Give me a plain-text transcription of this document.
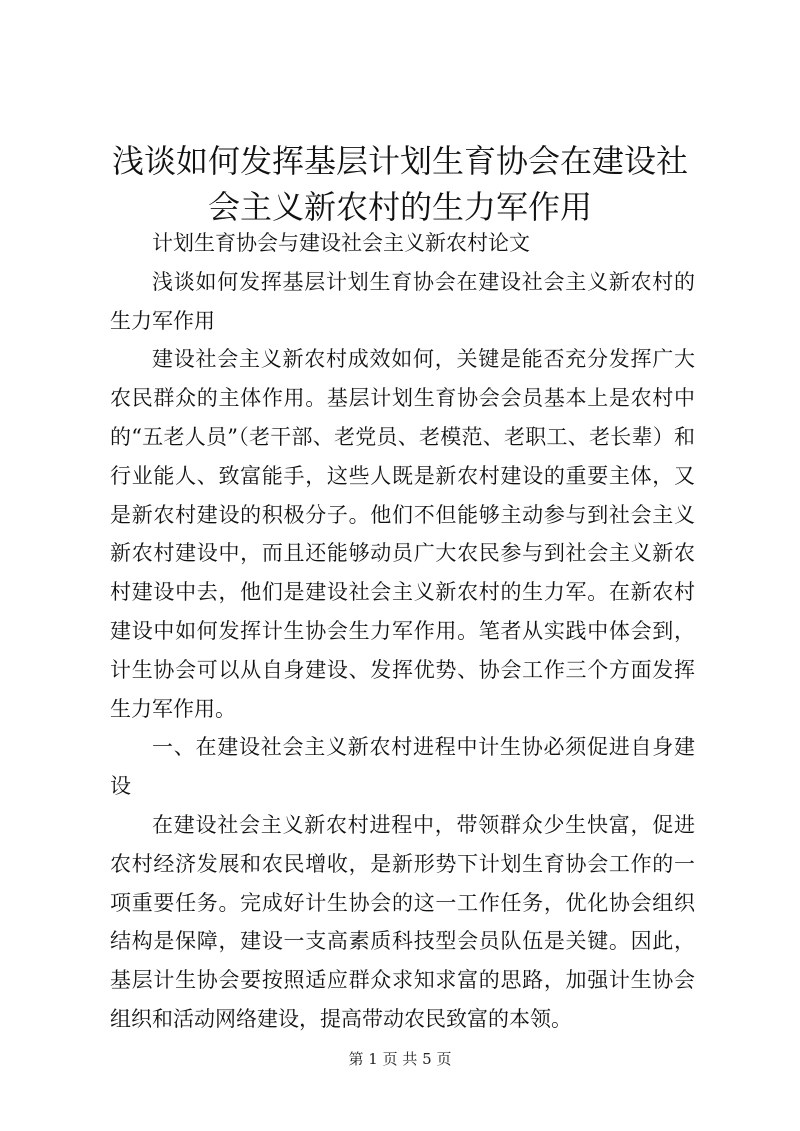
浅谈如何发挥基层计划生育协会在建设社会主义新农村的生力军作用

计划生育协会与建设社会主义新农村论文

浅谈如何发挥基层计划生育协会在建设社会主义新农村的生力军作用

建设社会主义新农村成效如何，关键是能否充分发挥广大农民群众的主体作用。基层计划生育协会会员基本上是农村中的“五老人员”（老干部、老党员、老模范、老职工、老长辈）和行业能人、致富能手，这些人既是新农村建设的重要主体，又是新农村建设的积极分子。他们不但能够主动参与到社会主义新农村建设中，而且还能够动员广大农民参与到社会主义新农村建设中去，他们是建设社会主义新农村的生力军。在新农村建设中如何发挥计生协会生力军作用。笔者从实践中体会到，计生协会可以从自身建设、发挥优势、协会工作三个方面发挥生力军作用。

一、在建设社会主义新农村进程中计生协必须促进自身建设

在建设社会主义新农村进程中，带领群众少生快富，促进农村经济发展和农民增收，是新形势下计划生育协会工作的一项重要任务。完成好计生协会的这一工作任务，优化协会组织结构是保障，建设一支高素质科技型会员队伍是关键。因此，基层计生协会要按照适应群众求知求富的思路，加强计生协会组织和活动网络建设，提高带动农民致富的本领。

第 1 页 共 5 页
